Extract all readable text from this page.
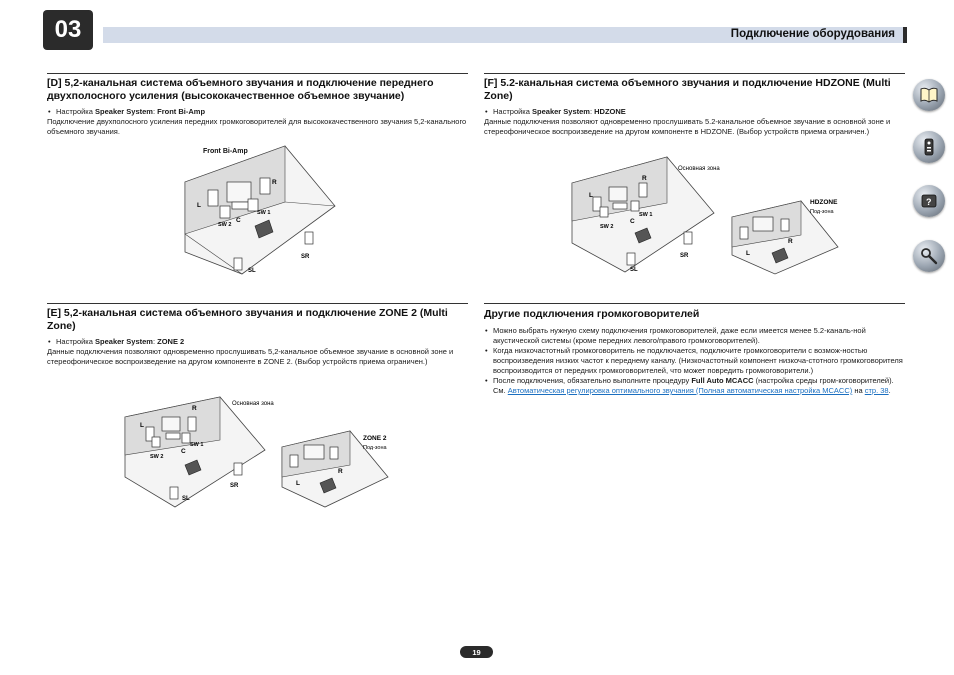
03	Подключение оборудования
[D] 5,2-канальная система объемного звучания и подключение переднего двухполосного усиления (высококачественное объемное звучание)

• Настройка Speaker System: Front Bi-Amp

Подключение двухполосного усиления передних громкоговорителей для высококачественного звучания 5,2-канального объемного звучания.

Front Bi-Amp
L
R
C
SW 1
SW 2
SL
SR
[E] 5,2-канальная система объемного звучания и подключение ZONE 2 (Multi Zone)

• Настройка Speaker System: ZONE 2

Данные подключения позволяют одновременно прослушивать 5,2-канальное объемное звучание в основной зоне и стереофоническое воспроизведение на другом компоненте в ZONE 2. (Выбор устройств приема ограничен.)

Основная зона
L
R
C
SW 1
SW 2
SL
SR	L
R
ZONE 2
Под-зона
[F] 5.2-канальная система объемного звучания и подключение HDZONE (Multi Zone)

• Настройка Speaker System: HDZONE

Данные подключения позволяют одновременно прослушивать 5.2-канальное объемное звучание в основной зоне и стереофоническое воспроизведение на другом компоненте в HDZONE. (Выбор устройств приема ограничен.)

Основная зона
L
R
C
SW 1
SW 2
SL
SR	L
R
HDZONE
Под-зона
Другие подключения громкоговорителей

• Можно выбрать нужную схему подключения громкоговорителей, даже если имеется менее 5.2-каналь-ной акустической системы (кроме передних левого/правого громкоговорителей).

• Когда низкочастотный громкоговоритель не подключается, подключите громкоговорители с возмож-ностью воспроизведения низких частот к переднему каналу. (Низкочастотный компонент низкоча-стотного громкоговорителя воспроизводится от передних громкоговорителей, что может повредить громкоговорители.)

• После подключения, обязательно выполните процедуру Full Auto MCACC (настройка среды гром-коговорителей). См. Автоматическая регулировка оптимального звучания (Полная автоматическая настройка MCACC) на стр. 38.

?
19
